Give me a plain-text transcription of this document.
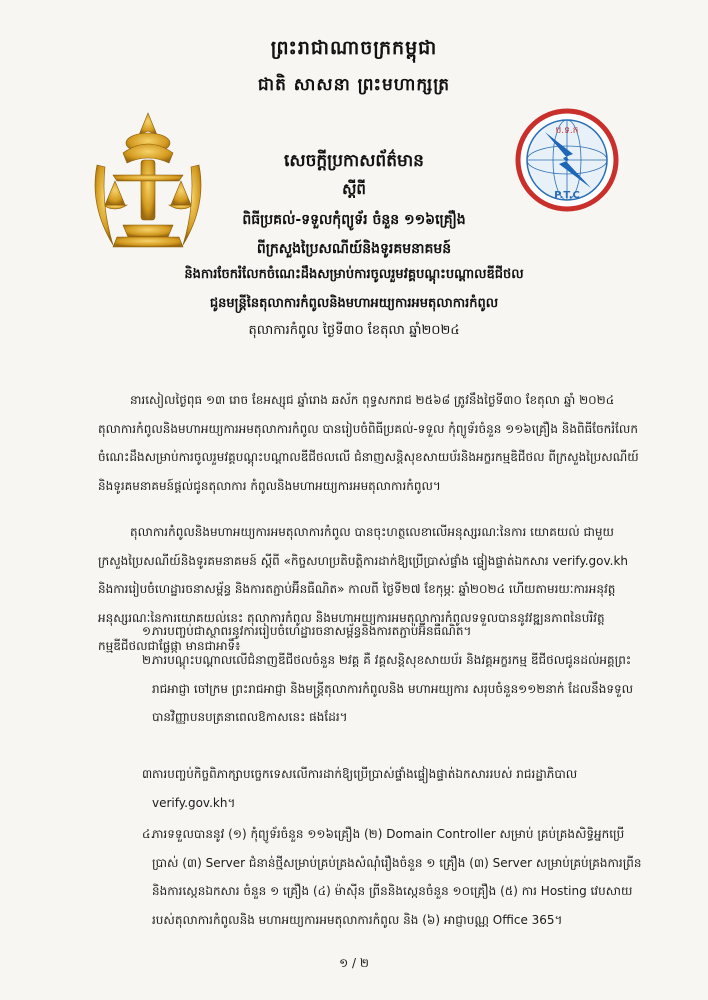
ព្រះរាជាណាចក្រកម្ពុជា
ជាតិ សាសនា ព្រះមហាក្សត្រ
ប.ទ.ក
P.T.C
សេចក្តីប្រកាសព័ត៌មាន
ស្តីពី
ពិធីប្រគល់-ទទួលកុំព្យូទ័រ ចំនួន ១១៦គ្រឿង
ពីក្រសួងប្រៃសណីយ៍និងទូរគមនាគមន៍
និងការចែករំលែកចំណេះដឹងសម្រាប់ការចូលរួមវគ្គបណ្តុះបណ្តាលឌីជីថល
ជូនមន្ត្រីនៃតុលាការកំពូលនិងមហាអយ្យការអមតុលាការកំពូល
តុលាការកំពូល ថ្ងៃទី៣០ ខែតុលា ឆ្នាំ២០២៤
នារសៀលថ្ងៃពុធ ១៣ រោច ខែអស្សុជ ឆ្នាំរោង ឆស័ក ពុទ្ធសករាជ ២៥៦៨ ត្រូវនឹងថ្ងៃទី៣០ ខែតុលា ឆ្នាំ ២០២៤ តុលាការកំពូលនិងមហាអយ្យការអមតុលាការកំពូល បានរៀបចំពិធីប្រគល់-ទទួល កុំព្យូទ័រចំនួន ១១៦គ្រឿង និងពិធីចែករំលែកចំណេះដឹងសម្រាប់ការចូលរួមវគ្គបណ្តុះបណ្តាលឌីជីថលលើ ជំនាញសន្តិសុខសាយប័រនិងអក្ខរកម្មឌិជីថល ពីក្រសួងប្រៃសណីយ៍និងទូរគមនាគមន៍ផ្តល់ជូនតុលាការ កំពូលនិងមហាអយ្យការអមតុលាការកំពូល។
តុលាការកំពូលនិងមហាអយ្យការអមតុលាការកំពូល បានចុះហត្ថលេខាលើអនុស្សរណៈនៃការ យោគយល់ ជាមួយក្រសួងប្រៃសណីយ៍និងទូរគមនាគមន៍ ស្តីពី «កិច្ចសហប្រតិបត្តិការដាក់ឱ្យប្រើប្រាស់ផ្ទាំង ផ្ទៀងផ្ទាត់ឯកសារ verify.gov.kh និងការរៀបចំហេដ្ឋារចនាសម្ព័ន្ធ និងការតភ្ជាប់អ៊ីនធឺណិត» កាលពី ថ្ងៃទី២៧ ខែកុម្ភៈ ឆ្នាំ២០២៤ ហើយតាមរយៈការអនុវត្តអនុស្សរណៈនៃការយោគយល់នេះ តុលាការកំពូល និងមហាអយ្យការអមតុលាការកំពូលទទួលបាននូវវឌ្ឍនភាពនៃបរិវត្តកម្មឌីជីថលជាផ្លែផ្កា មានជាអាទិ៍៖
១.
ការបញ្ចប់ជាស្ថាពរនូវការរៀបចំហេដ្ឋារចនាសម្ព័ន្ធនិងការតភ្ជាប់អ៊ីនធឺណិត។
២.
ការបណ្តុះបណ្តាលលើជំនាញឌីជីថលចំនួន ២វគ្គ គឺ វគ្គសន្តិសុខសាយប័រ និងវគ្គអក្ខរកម្ម ឌីជីថលជូនដល់អគ្គព្រះរាជអាជ្ញា ចៅក្រម ព្រះរាជអាជ្ញា និងមន្ត្រីតុលាការកំពូលនិង មហាអយ្យការ សរុបចំនួន១១២នាក់ ដែលនឹងទទួលបានវិញ្ញាបនបត្រនាពេលឱកាសនេះ ផងដែរ។
៣.
ការបញ្ចប់កិច្ចពិភាក្សាបច្ចេកទេសលើការដាក់ឱ្យប្រើប្រាស់ផ្ទាំងផ្ទៀងផ្ទាត់ឯកសាររបស់ រាជរដ្ឋាភិបាល verify.gov.kh។
៤.
ការទទួលបាននូវ (១) កុំព្យូទ័រចំនួន ១១៦គ្រឿង (២) Domain Controller សម្រាប់ គ្រប់គ្រងសិទ្ធិអ្នកប្រើប្រាស់ (៣) Server ជំនាន់ថ្មីសម្រាប់គ្រប់គ្រងសំណុំរឿងចំនួន ១ គ្រឿង (៣) Server សម្រាប់គ្រប់គ្រងការព្រីននិងការស្កេនឯកសារ ចំនួន ១ គ្រឿង (៤) ម៉ាស៊ីន ព្រីននិងស្កេនចំនួន ១០គ្រឿង (៥) ការ Hosting វេបសាយរបស់តុលាការកំពូលនិង មហាអយ្យការអមតុលាការកំពូល និង (៦) អាជ្ញាបណ្ណ Office 365។
១ / ២
